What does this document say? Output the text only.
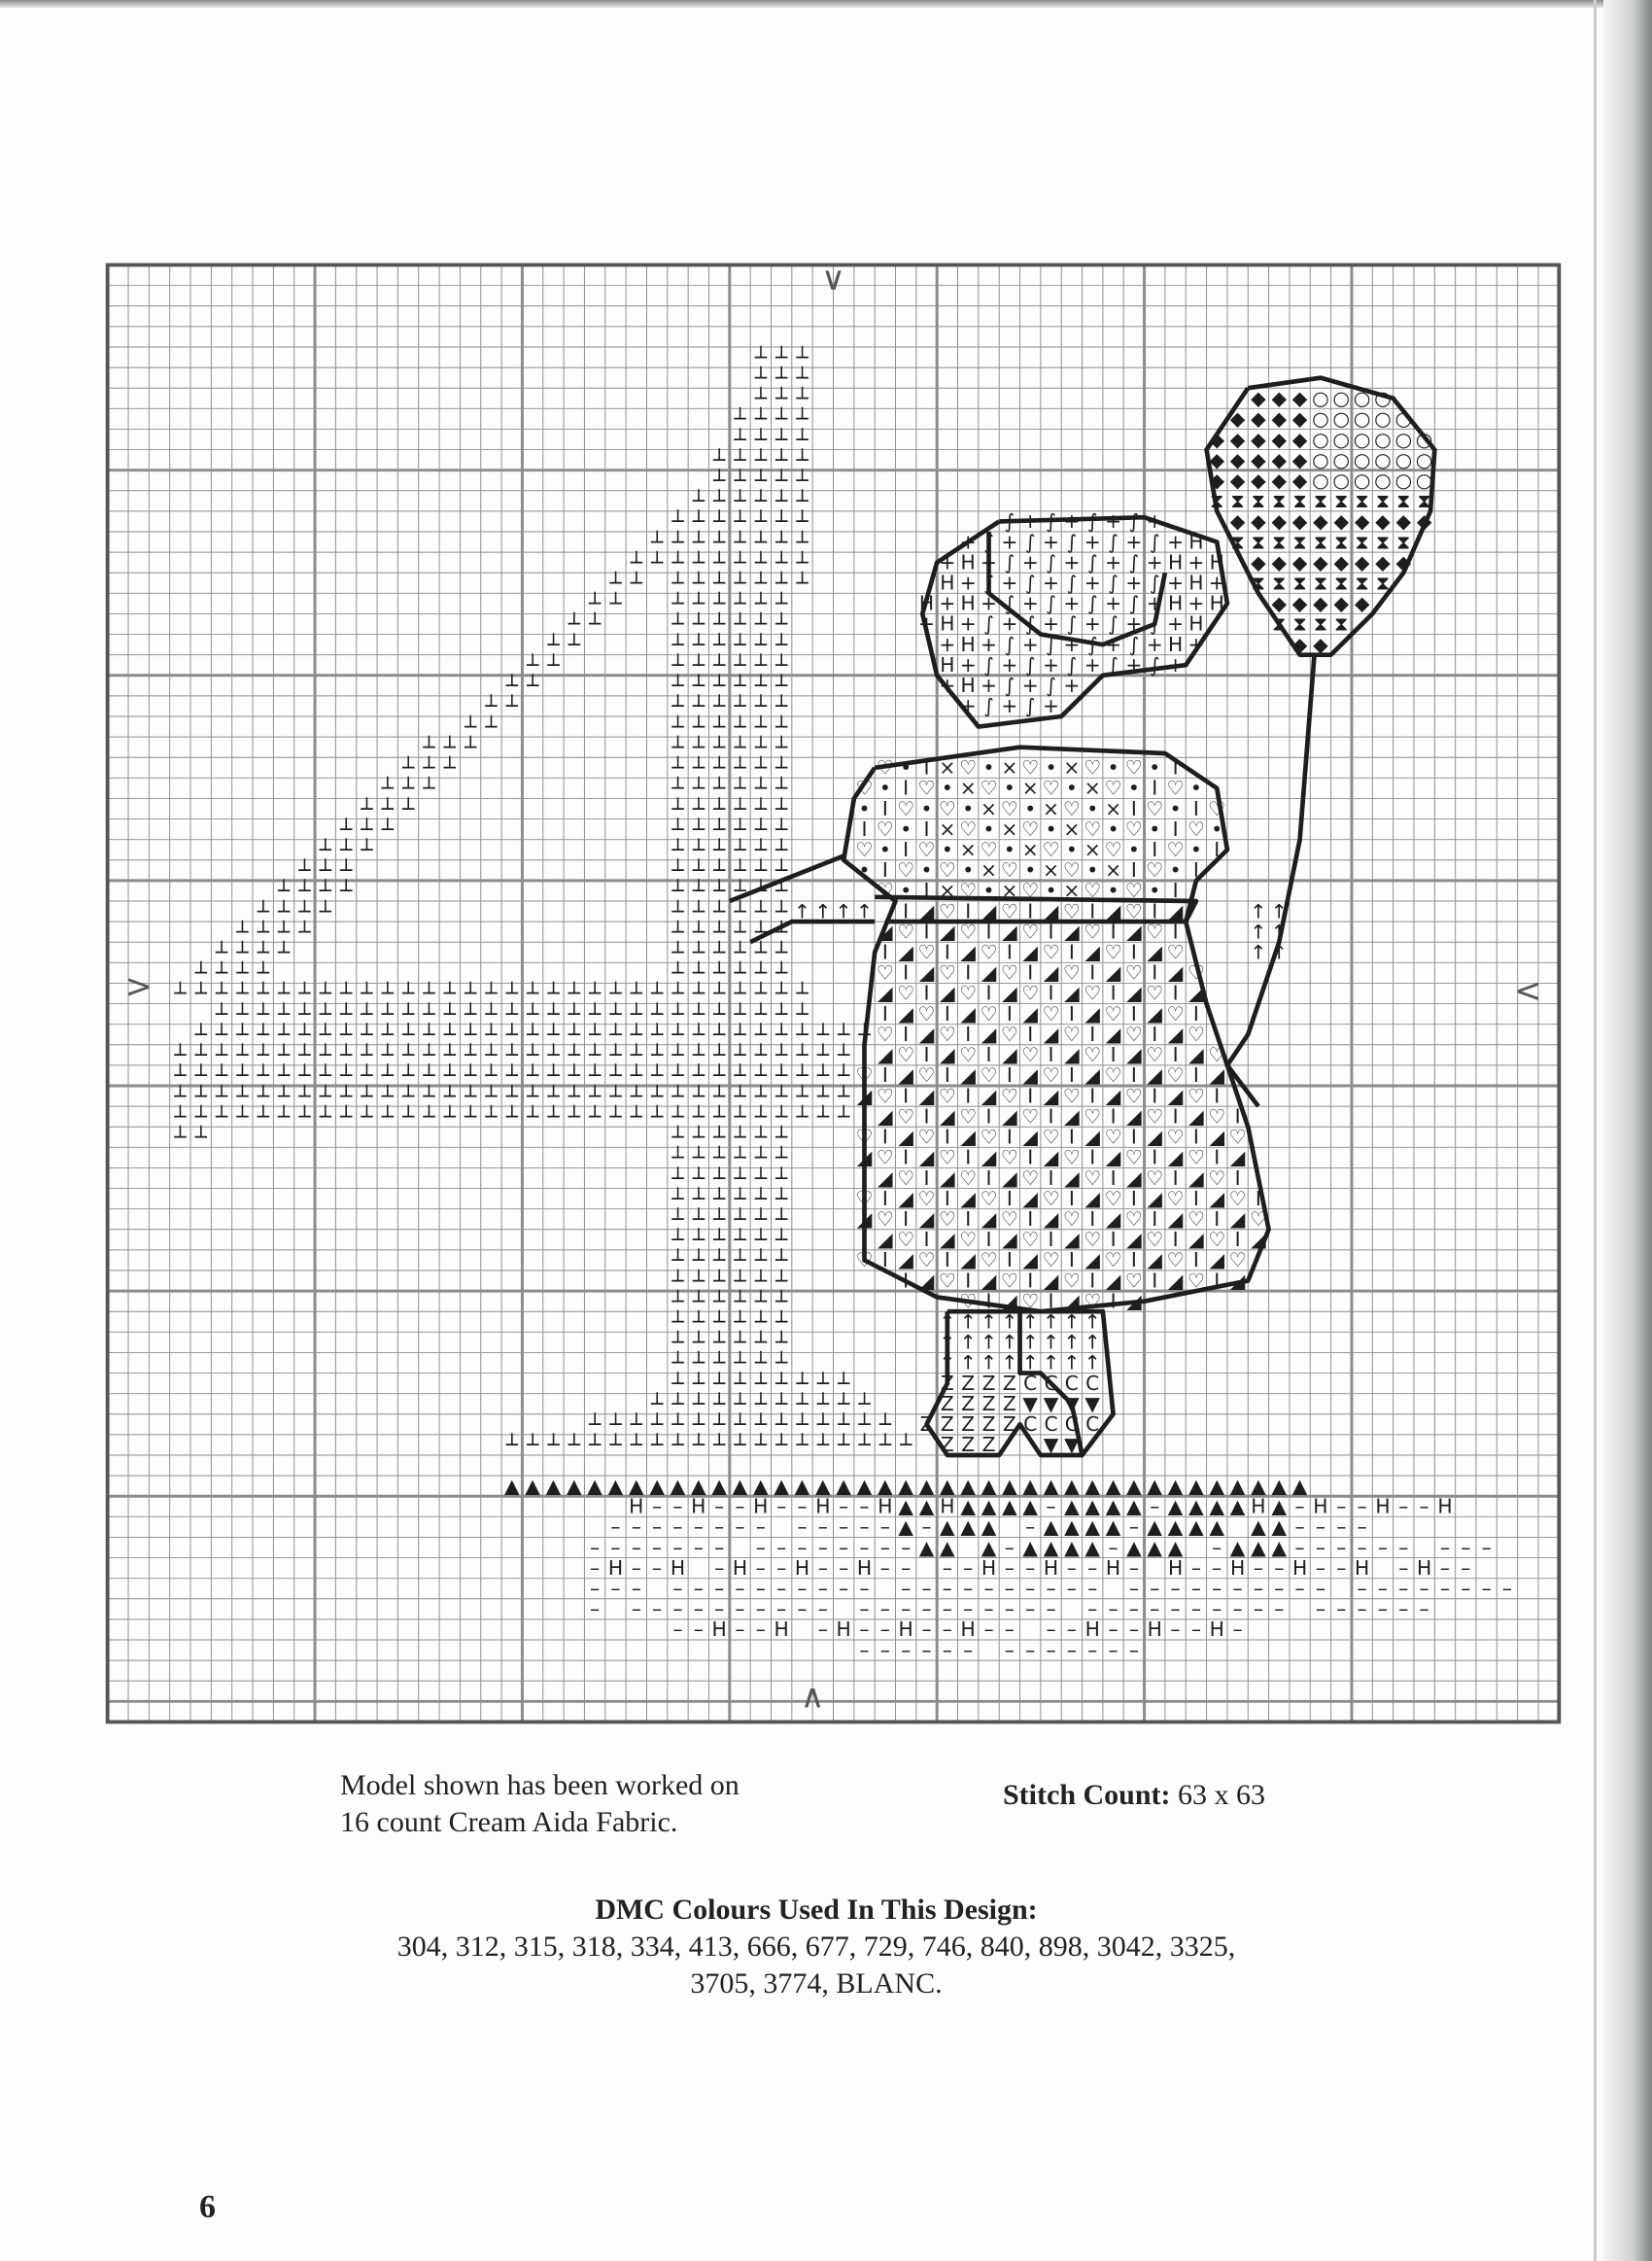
∨
∧
>	<
Model shown has been worked on
16 count Cream Aida Fabric.
Stitch Count: 63 x 63
DMC Colours Used In This Design:
304, 312, 315, 318, 334, 413, 666, 677, 729, 746, 840, 898, 3042, 3325,
3705, 3774, BLANC.
6
